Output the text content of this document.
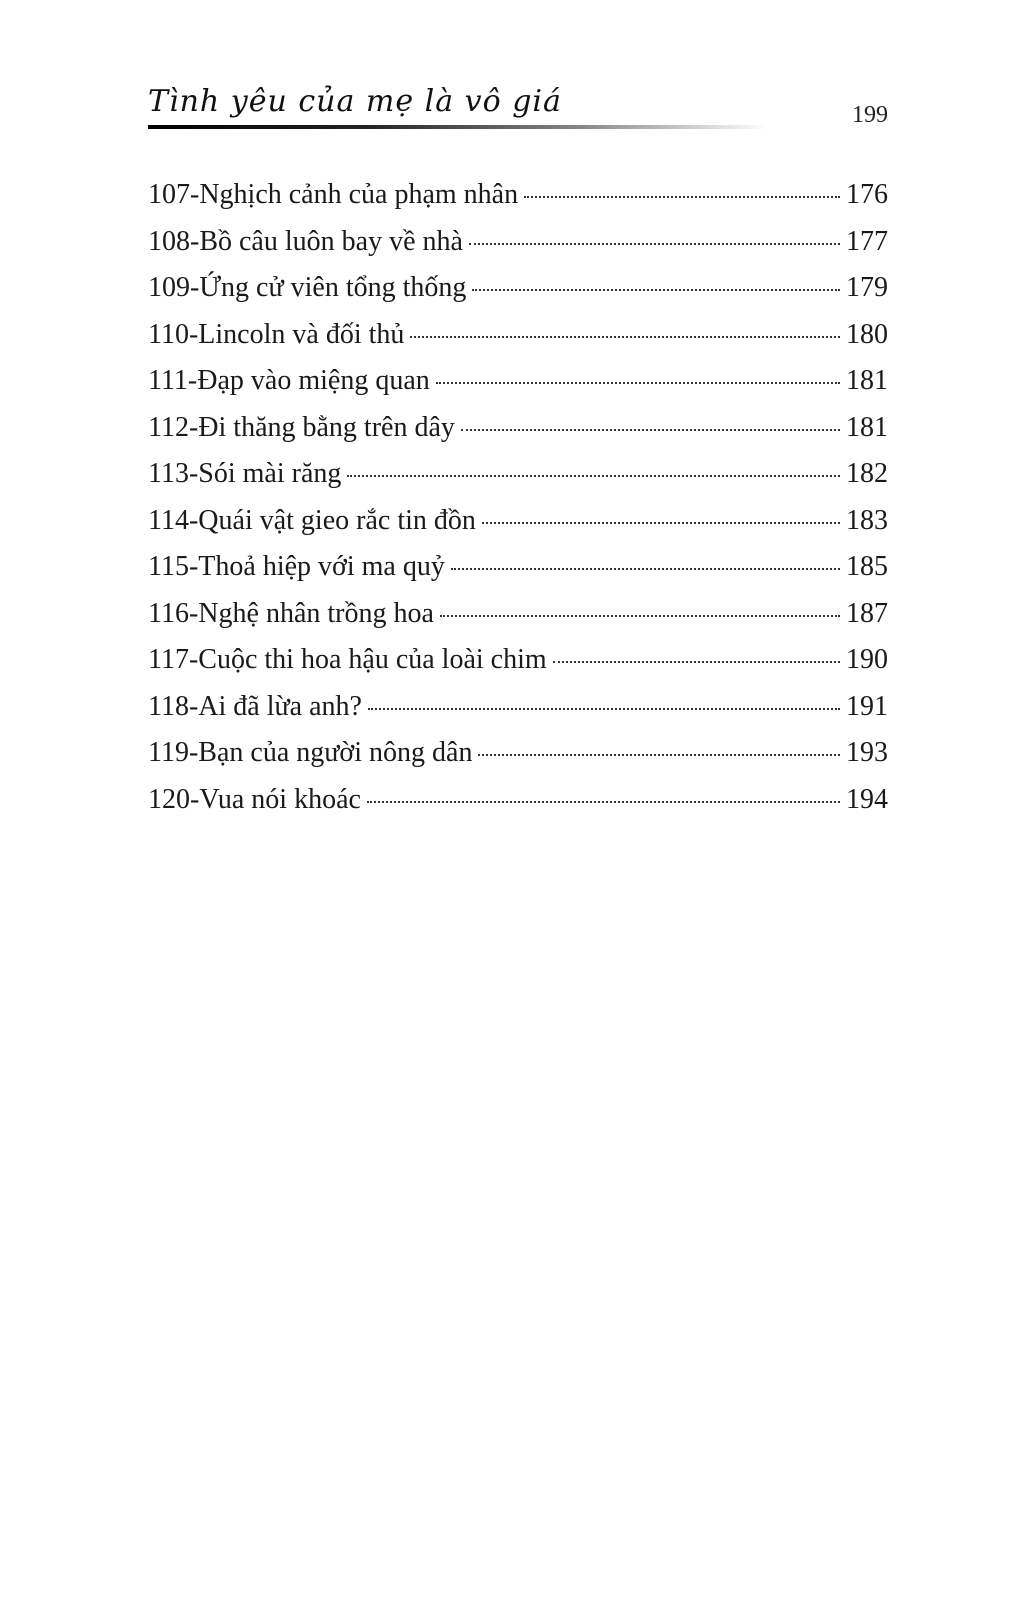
Tình yêu của mẹ là vô giá	199
107 - Nghịch cảnh của phạm nhân	176
108 - Bồ câu luôn bay về nhà	177
109 - Ứng cử viên tổng thống	179
110 - Lincoln và đối thủ	180
111 - Đạp vào miệng quan	181
112 - Đi thăng bằng trên dây	181
113 - Sói mài răng	182
114 - Quái vật gieo rắc tin đồn	183
115 - Thoả hiệp với ma quỷ	185
116 - Nghệ nhân trồng hoa	187
117 - Cuộc thi hoa hậu của loài chim	190
118 - Ai đã lừa anh?	191
119 - Bạn của người nông dân	193
120 - Vua nói khoác	194
